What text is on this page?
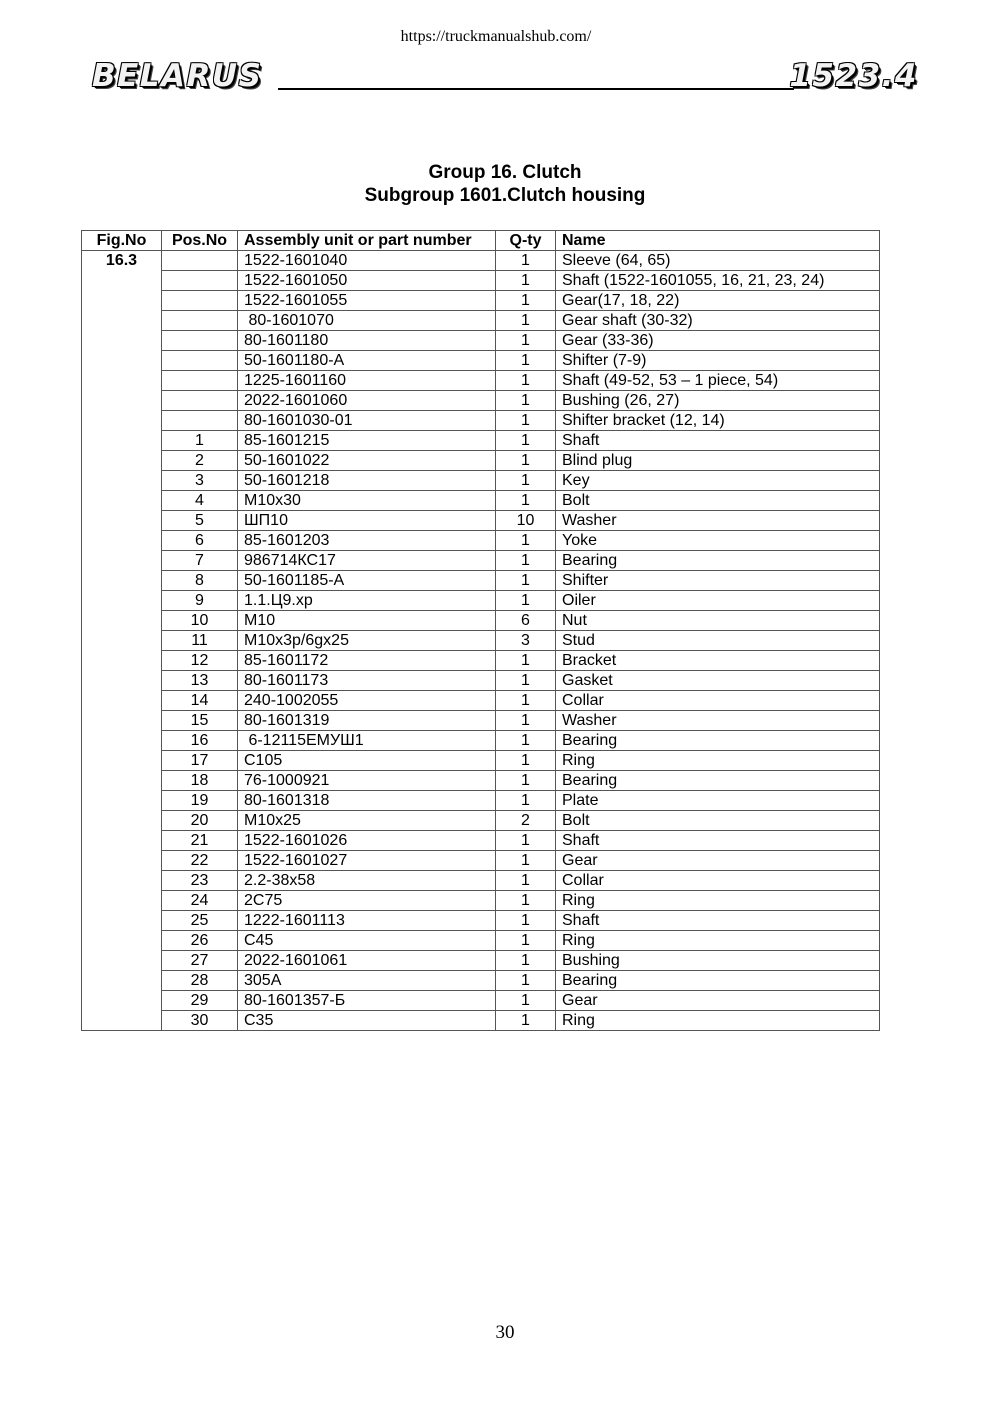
https://truckmanualshub.com/
BELARUS	1523.4
Group 16. Clutch
Subgroup 1601.Clutch housing
Fig.No	Pos.No	Assembly unit or part number	Q-ty	Name
16.3		1522-1601040	1	Sleeve (64, 65)
		1522-1601050	1	Shaft (1522-1601055, 16, 21, 23, 24)
		1522-1601055	1	Gear(17, 18, 22)
		80-1601070	1	Gear shaft (30-32)
		80-1601180	1	Gear (33-36)
		50-1601180-A	1	Shifter (7-9)
		1225-1601160	1	Shaft (49-52, 53 – 1 piece, 54)
		2022-1601060	1	Bushing (26, 27)
		80-1601030-01	1	Shifter bracket (12, 14)
	1	85-1601215	1	Shaft
	2	50-1601022	1	Blind plug
	3	50-1601218	1	Key
	4	M10x30	1	Bolt
	5	ШП10	10	Washer
	6	85-1601203	1	Yoke
	7	986714КС17	1	Bearing
	8	50-1601185-A	1	Shifter
	9	1.1.Ц9.хр	1	Oiler
	10	M10	6	Nut
	11	M10x3p/6gx25	3	Stud
	12	85-1601172	1	Bracket
	13	80-1601173	1	Gasket
	14	240-1002055	1	Collar
	15	80-1601319	1	Washer
	16	6-12115ЕМУШ1	1	Bearing
	17	C105	1	Ring
	18	76-1000921	1	Bearing
	19	80-1601318	1	Plate
	20	M10x25	2	Bolt
	21	1522-1601026	1	Shaft
	22	1522-1601027	1	Gear
	23	2.2-38x58	1	Collar
	24	2C75	1	Ring
	25	1222-1601113	1	Shaft
	26	C45	1	Ring
	27	2022-1601061	1	Bushing
	28	305A	1	Bearing
	29	80-1601357-Б	1	Gear
	30	C35	1	Ring
30
